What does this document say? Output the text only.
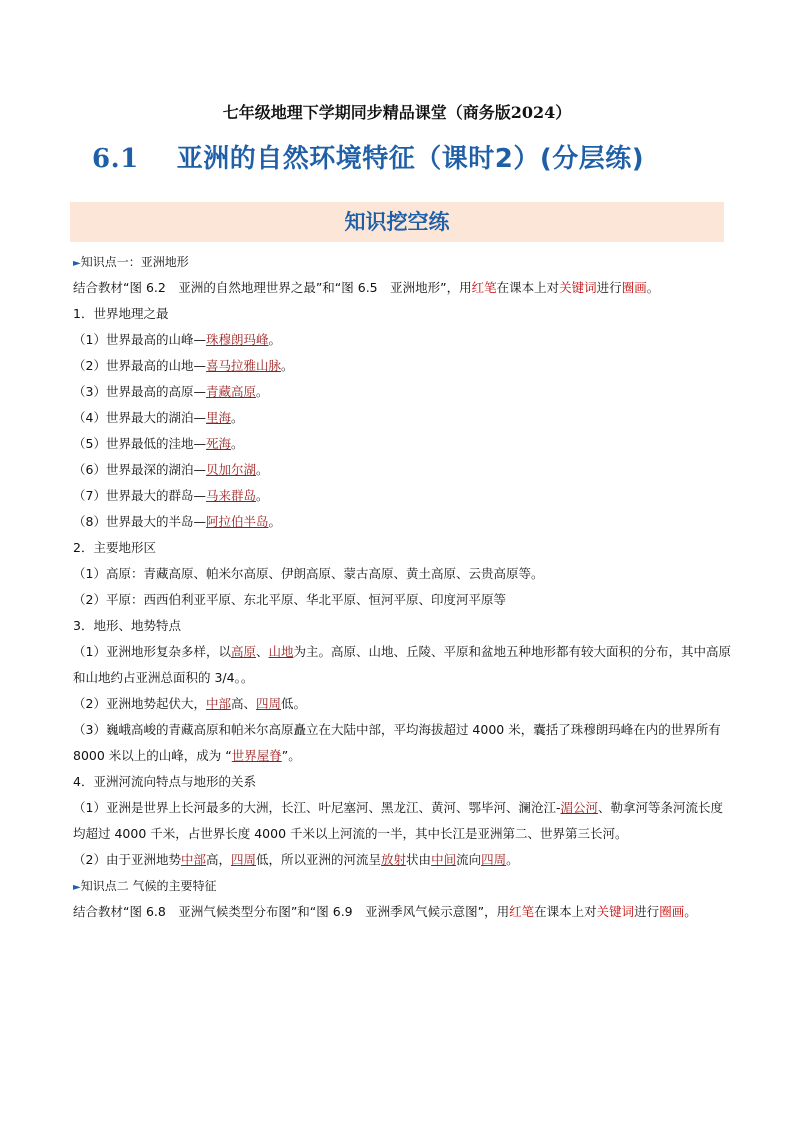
七年级地理下学期同步精品课堂（商务版2024）
6.1 亚洲的自然环境特征（课时2）(分层练)
知识挖空练
►知识点一：亚洲地形
结合教材“图 6.2　亚洲的自然地理世界之最”和“图 6.5　亚洲地形”，用红笔在课本上对关键词进行圈画。
1．世界地理之最
（1）世界最高的山峰—珠穆朗玛峰。
（2）世界最高的山地—喜马拉雅山脉。
（3）世界最高的高原—青藏高原。
（4）世界最大的湖泊—里海。
（5）世界最低的洼地—死海。
（6）世界最深的湖泊—贝加尔湖。
（7）世界最大的群岛—马来群岛。
（8）世界最大的半岛—阿拉伯半岛。
2．主要地形区
（1）高原：青藏高原、帕米尔高原、伊朗高原、蒙古高原、黄土高原、云贵高原等。
（2）平原：西西伯利亚平原、东北平原、华北平原、恒河平原、印度河平原等
3．地形、地势特点
（1）亚洲地形复杂多样，以高原、山地为主。高原、山地、丘陵、平原和盆地五种地形都有较大面积的分布，其中高原和山地约占亚洲总面积的 3/4。。
（2）亚洲地势起伏大，中部高、四周低。
（3）巍峨高峻的青藏高原和帕米尔高原矗立在大陆中部，平均海拔超过 4000 米，囊括了珠穆朗玛峰在内的世界所有 8000 米以上的山峰，成为 “世界屋脊”。
4．亚洲河流向特点与地形的关系
（1）亚洲是世界上长河最多的大洲，长江、叶尼塞河、黑龙江、黄河、鄂毕河、澜沧江-湄公河、勒拿河等条河流长度均超过 4000 千米，占世界长度 4000 千米以上河流的一半，其中长江是亚洲第二、世界第三长河。
（2）由于亚洲地势中部高，四周低，所以亚洲的河流呈放射状由中间流向四周。
►知识点二 气候的主要特征
结合教材“图 6.8　亚洲气候类型分布图”和“图 6.9　亚洲季风气候示意图”，用红笔在课本上对关键词进行圈画。
